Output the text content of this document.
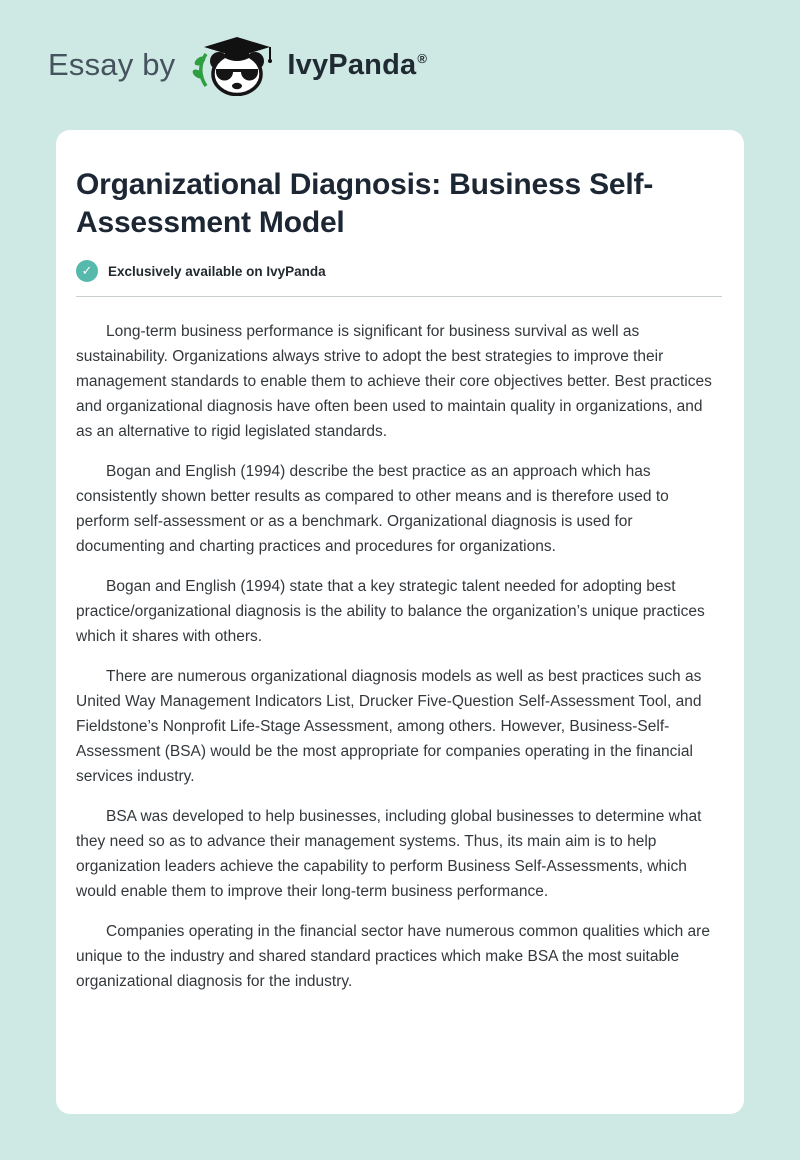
Essay by	IvyPanda®
Organizational Diagnosis: Business Self-Assessment Model
✓	Exclusively available on IvyPanda

Long-term business performance is significant for business survival as well as sustainability. Organizations always strive to adopt the best strategies to improve their management standards to enable them to achieve their core objectives better. Best practices and organizational diagnosis have often been used to maintain quality in organizations, and as an alternative to rigid legislated standards.

Bogan and English (1994) describe the best practice as an approach which has consistently shown better results as compared to other means and is therefore used to perform self-assessment or as a benchmark. Organizational diagnosis is used for documenting and charting practices and procedures for organizations.

Bogan and English (1994) state that a key strategic talent needed for adopting best practice/organizational diagnosis is the ability to balance the organization’s unique practices which it shares with others.

There are numerous organizational diagnosis models as well as best practices such as United Way Management Indicators List, Drucker Five-Question Self-Assessment Tool, and Fieldstone’s Nonprofit Life-Stage Assessment, among others. However, Business-Self-Assessment (BSA) would be the most appropriate for companies operating in the financial services industry.

BSA was developed to help businesses, including global businesses to determine what they need so as to advance their management systems. Thus, its main aim is to help organization leaders achieve the capability to perform Business Self-Assessments, which would enable them to improve their long-term business performance.

Companies operating in the financial sector have numerous common qualities which are unique to the industry and shared standard practices which make BSA the most suitable organizational diagnosis for the industry.
